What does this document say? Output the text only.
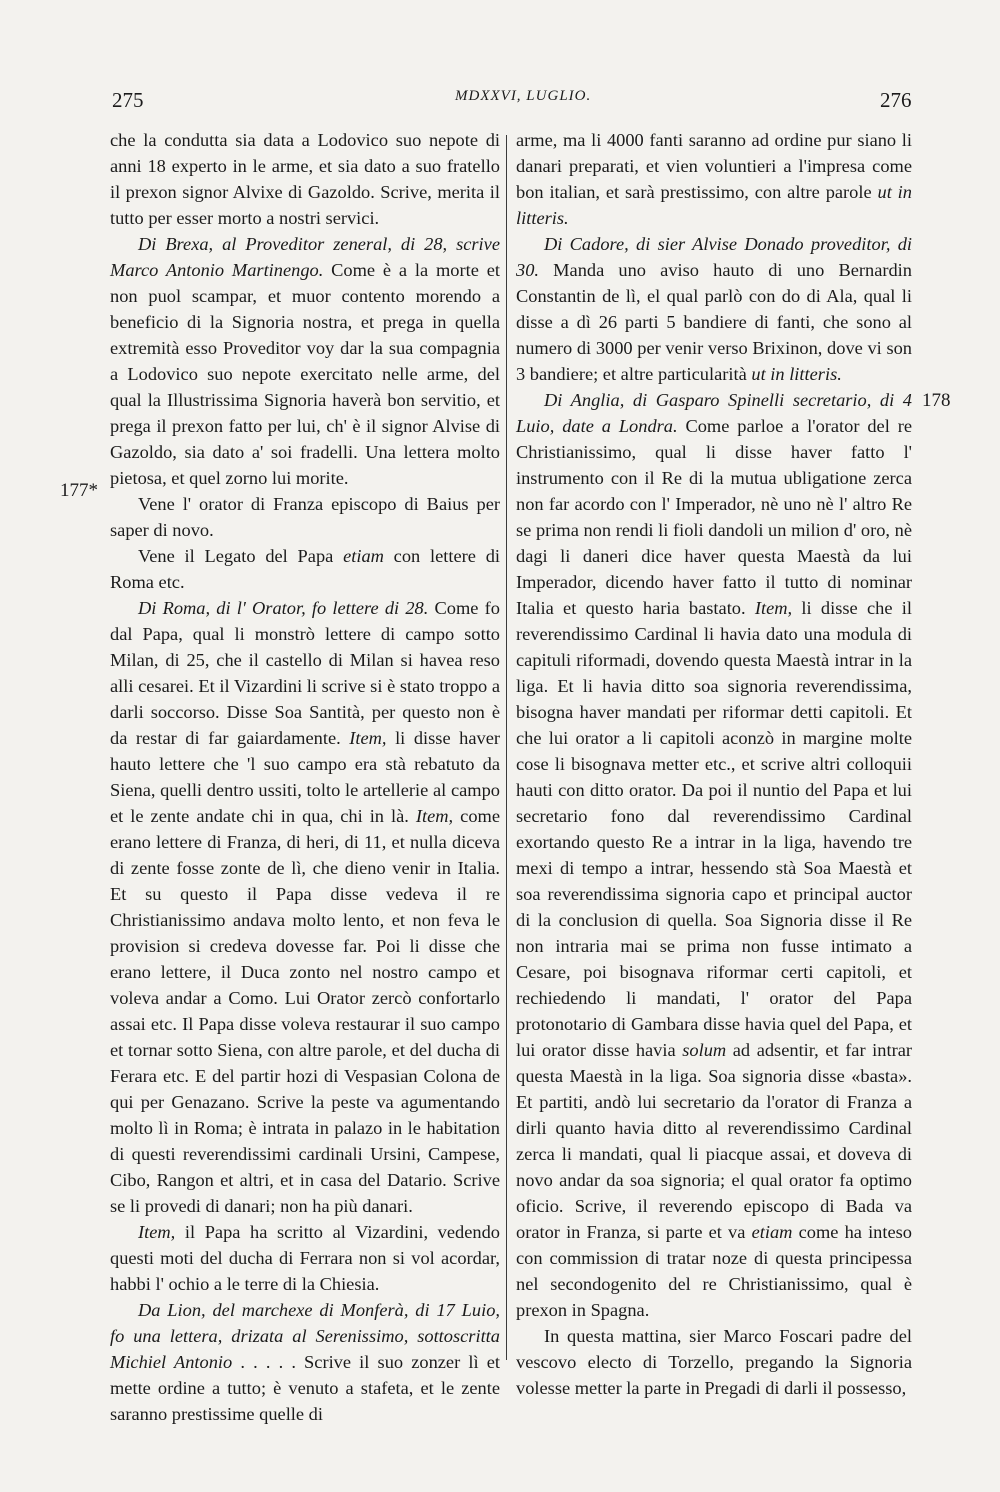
275	MDXXVI, LUGLIO.	276
177*
178

che la condutta sia data a Lodovico suo nepote di anni 18 experto in le arme, et sia dato a suo fratello il prexon signor Alvixe di Gazoldo. Scrive, merita il tutto per esser morto a nostri servici.

Di Brexa, al Proveditor zeneral, di 28, scrive Marco Antonio Martinengo. Come è a la morte et non puol scampar, et muor contento morendo a beneficio di la Signoria nostra, et prega in quella extremità esso Proveditor voy dar la sua compagnia a Lodovico suo nepote exercitato nelle arme, del qual la Illustrissima Signoria haverà bon servitio, et prega il prexon fatto per lui, ch' è il signor Alvise di Gazoldo, sia dato a' soi fradelli. Una lettera molto pietosa, et quel zorno lui morite.

Vene l' orator di Franza episcopo di Baius per saper di novo.

Vene il Legato del Papa etiam con lettere di Roma etc.

Di Roma, di l' Orator, fo lettere di 28. Come fo dal Papa, qual li monstrò lettere di campo sotto Milan, di 25, che il castello di Milan si havea reso alli cesarei. Et il Vizardini li scrive si è stato troppo a darli soccorso. Disse Soa Santità, per questo non è da restar di far gaiardamente. Item, li disse haver hauto lettere che 'l suo campo era stà rebatuto da Siena, quelli dentro ussiti, tolto le artellerie al campo et le zente andate chi in qua, chi in là. Item, come erano lettere di Franza, di heri, di 11, et nulla diceva di zente fosse zonte de lì, che dieno venir in Italia. Et su questo il Papa disse vedeva il re Christianissimo andava molto lento, et non feva le provision si credeva dovesse far. Poi li disse che erano lettere, il Duca zonto nel nostro campo et voleva andar a Como. Lui Orator zercò confortarlo assai etc. Il Papa disse voleva restaurar il suo campo et tornar sotto Siena, con altre parole, et del ducha di Ferara etc. E del partir hozi di Vespasian Colona de qui per Genazano. Scrive la peste va agumentando molto lì in Roma; è intrata in palazo in le habitation di questi reverendissimi cardinali Ursini, Campese, Cibo, Rangon et altri, et in casa del Datario. Scrive se li provedi di danari; non ha più danari.

Item, il Papa ha scritto al Vizardini, vedendo questi moti del ducha di Ferrara non si vol acordar, habbi l' ochio a le terre di la Chiesia.

Da Lion, del marchexe di Monferà, di 17 Luio, fo una lettera, drizata al Serenissimo, sottoscritta Michiel Antonio . . . . . Scrive il suo zonzer lì et mette ordine a tutto; è venuto a stafeta, et le zente saranno prestissime quelle di

arme, ma li 4000 fanti saranno ad ordine pur siano li danari preparati, et vien voluntieri a l'impresa come bon italian, et sarà prestissimo, con altre parole ut in litteris.

Di Cadore, di sier Alvise Donado proveditor, di 30. Manda uno aviso hauto di uno Bernardin Constantin de lì, el qual parlò con do di Ala, qual li disse a dì 26 parti 5 bandiere di fanti, che sono al numero di 3000 per venir verso Brixinon, dove vi son 3 bandiere; et altre particularità ut in litteris.

Di Anglia, di Gasparo Spinelli secretario, di 4 Luio, date a Londra. Come parloe a l'orator del re Christianissimo, qual li disse haver fatto l' instrumento con il Re di la mutua ubligatione zerca non far acordo con l' Imperador, nè uno nè l' altro Re se prima non rendi li fioli dandoli un milion d' oro, nè dagi li daneri dice haver questa Maestà da lui Imperador, dicendo haver fatto il tutto di nominar Italia et questo haria bastato. Item, li disse che il reverendissimo Cardinal li havia dato una modula di capituli riformadi, dovendo questa Maestà intrar in la liga. Et li havia ditto soa signoria reverendissima, bisogna haver mandati per riformar detti capitoli. Et che lui orator a li capitoli aconzò in margine molte cose li bisognava metter etc., et scrive altri colloquii hauti con ditto orator. Da poi il nuntio del Papa et lui secretario fono dal reverendissimo Cardinal exortando questo Re a intrar in la liga, havendo tre mexi di tempo a intrar, hessendo stà Soa Maestà et soa reverendissima signoria capo et principal auctor di la conclusion di quella. Soa Signoria disse il Re non intraria mai se prima non fusse intimato a Cesare, poi bisognava riformar certi capitoli, et rechiedendo li mandati, l' orator del Papa protonotario di Gambara disse havia quel del Papa, et lui orator disse havia solum ad adsentir, et far intrar questa Maestà in la liga. Soa signoria disse «basta». Et partiti, andò lui secretario da l'orator di Franza a dirli quanto havia ditto al reverendissimo Cardinal zerca li mandati, qual li piacque assai, et doveva di novo andar da soa signoria; el qual orator fa optimo oficio. Scrive, il reverendo episcopo di Bada va orator in Franza, si parte et va etiam come ha inteso con commission di tratar noze di questa principessa nel secondogenito del re Christianissimo, qual è prexon in Spagna.

In questa mattina, sier Marco Foscari padre del vescovo electo di Torzello, pregando la Signoria volesse metter la parte in Pregadi di darli il possesso,
